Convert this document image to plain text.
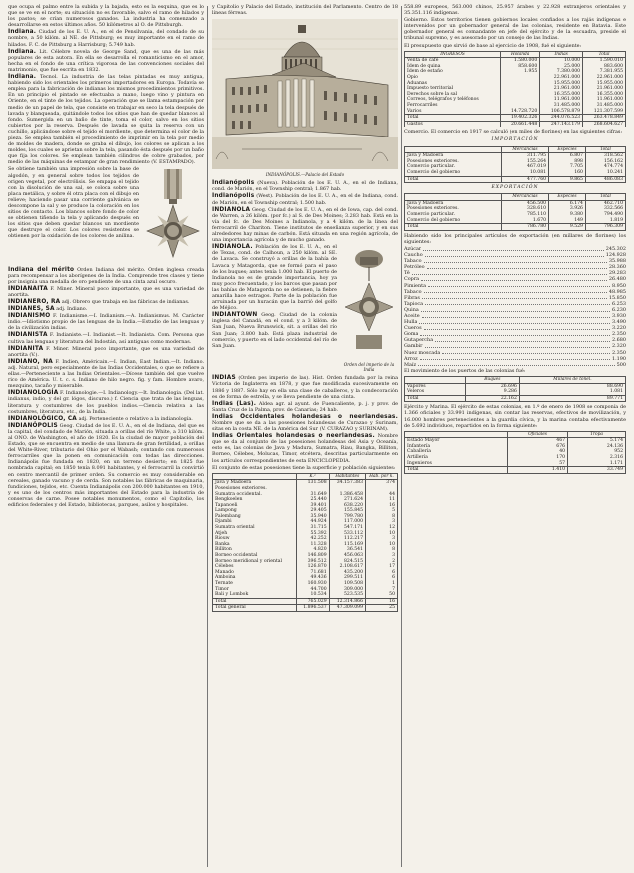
que ocupa el palmo entre la subida y la bajada, esto es la esquina, que es lo que se ve en el norte; su situación no es favorable, salvo el ramo de hilados y los pastos; se crían numerosos ganados. La industria ha comenzado a desarrollarse en estos últimos años. 50 kilómetros al O. de Pittsburgh.
Indiana. Ciudad de los E. U. A., en el de Pensilvania, del condado de su nombre, a 50 kilóm. al NE. de Pittsburg; es muy importante en el ramo de hilados. F. C. de Pittsburg a Harrisburg; 5.749 hab.
Indiana. Lit. Célebre novela de George Sand, que es una de las más populares de esta autora. En ella se desarrolla el romanticismo en el amor, hecha en el fondo de una crítica vigorosa de las convenciones sociales del matrimonio, que fue escrita en 1832.
Indiana. Tecnol. La industria de las telas pintadas es muy antigua, habiendo sido los orientales los primeros importadores en Europa. Todavía se emplea para la fabricación de indianas los mismos procedimientos primitivos. En un principio el pintado se efectuaba a mano, luego vino y pintura en Oriente, en el tinte de los tejidos. La operación que se llama estampación por medio de un papel de tela, que consiste en trabajar en seco la tela después de lavada y blanqueada, quitándole todos los sitios que han de quedar blancos al fondo. Sumergida en un baño de tinte, toma el color, salvo en los sitios cubiertos por la reserva. Después de lavada se quita la reserva con un cuchillo, aplicándose sobre el tejido el mordiente, que determina el color de la pieza. Se emplea también el procedimiento de imprimir en la tela por medio de moldes de madera, donde se graba el dibujo, los colores se aplican a los moldes, los cuales se aprietan sobre la tela, pasando ésta después por un baño que fija los colores. Se emplean también cilindros de cobre grabados, por medio de las máquinas de estampar de gran rendimiento (V. ESTAMPADO).
Se obtiene también una impresión sobre la base de algodón, y en general sobre todos los tejidos de origen vegetal, por electrólisis. Se empapa el tejido con la disolución de una sal, se coloca sobre una placa metálica, y sobre él otra placa con el dibujo en relieve; haciendo pasar una corriente galvánica se descompone la sal y se produce la coloración en los sitios de contacto. Los blancos sobre fondo de color se obtienen tiñendo la tela y aplicando después en los sitios que deben quedar blancos un mordiente que destruye el color. Los colores resistentes se obtienen por la oxidación de los colores de anilina.
Indiana del mérito Orden Indiana del mérito. Orden inglesa creada para recompensar a los aborígenes de la India. Comprende tres clases y tiene por insignia una medalla de oro pendiente de una cinta azul oscuro.
INDIANAITA F. Miner. Mineral poco importante, que es una variedad de anortita.
INDIANERO, RA adj. Obrero que trabaja en las fábricas de indianas.
INDIANES, SA adj. Indiano.
INDIANISMO F. Indianisme.—I. Indianism.—A. Indianismus. M. Carácter indio.—Idiotismo propio de las lenguas de la India.—Estudio de las lenguas y de la civilización indias.
INDIANISTA F. Indianiste.—I. Indianist.—It. Indianista. Com. Persona que cultiva las lenguas y literatura del Indostán, así antiguas como modernas.
INDIANITA F. Miner. Mineral poco importante, que es una variedad de anortita (V.).
INDIANO, NA F. Indien, Américain.—I. Indian, East Indian.—It. Indiano. adj. Natural, pero especialmente de las Indias Occidentales, o que se refiere a ellas.—Perteneciente a las Indias Orientales.—Dícese también del que vuelve rico de América. U. t. c. s. Indiano de hilo negro. fig. y fam. Hombre avaro, mezquino, tacaño y miserable.
INDIANOLOGÍA F. Indianologie.—I. Indianology.—It. Indianologia. (Del lat. indianus, indio, y del gr. lógos, discurso.) f. Ciencia que trata de las lenguas, literatura y costumbres de los pueblos indios.—Ciencia relativa a las costumbres, literatura, etc., de la India.
INDIANOLÓGICO, CA adj. Perteneciente o relativo a la indianología.
INDIANÓPOLIS Geog. Ciudad de los E. U. A., en el de Indiana, del que es la capital, del condado de Marión, situada a orillas del río White, a 310 kilóm. al ONO. de Washington, el año de 1820. Es la ciudad de mayor población del Estado, que se encuentra en medio de una llanura de gran fertilidad, a orillas del White-River, tributario del Ohio por el Wabash; contando con numerosos ferrocarriles que la ponen en comunicación con todas las direcciones. Indianápolis fue fundada en 1820, en un terreno desierto; en 1825 fue nombrada capital; en 1850 tenía 8.091 habitantes, y el ferrocarril la convirtió en centro mercantil de primer orden. Su comercio es muy considerable en cereales, ganado vacuno y de cerda. Son notables las fábricas de maquinaria, fundiciones, tejidos, etc. Cuenta Indianápolis con 200.000 habitantes en 1910, y es uno de los centros más importantes del Estado para la industria de conservas de carne. Posee notables monumentos, como el Capitolio, los edificios federales y del Estado, bibliotecas, parques, asilos y hospitales.
y Capitolio y Palacio del Estado, institución del Parlamento. Centro de 18 líneas férreas.
INDIANÓPOLIS.—Palacio del Estado
Indianópolis (Nueva). Población de los E. U. A., en el de Indiana, cond. de Marión, en el Township central; 1.867 hab.
Indianópolis (West). Población de los E. U. A., en el de Indiana, cond. de Marión, en el Township central; 1.500 hab.
INDIANOLA Geog. Ciudad de los E. U. A., en el de Iowa, cap. del cond. de Warren, a 26 kilóm. (por fc.) al S. de Des Moines; 3.283 hab. Está en la vía del fc. de Des Moines a Indianola, y a 4 kilóm. de la línea del ferrocarril de Chariton. Tiene institutos de enseñanza superior, y en sus alrededores hay minas de carbón. Está situada en una región agrícola, de una importancia agrícola y de mucho ganado.
INDIANOLA. Población de los E. U. A., en el de Texas, cond. de Calhoun, a 250 kilóm. al SE. de Lavaca. Se construyó a orillas de la bahía de Lavaca y Matagorda, que se formó para el paso de los buques; antes tenía 1.000 hab. El puerto de Indianola no es de grande importancia, hoy ya muy poco frecuentado, y los barcos que pasan por las bahías de Matagorda no se detienen, la fiebre amarilla hace estragos. Parte de la población fue arruinada por un huracán que la barrió del golfo de Méjico.
INDIANTOWN Geog. Ciudad de la colonia inglesa del Canadá, en el cond. y a 3 kilóm. de San Juan, Nueva Brunswick, sit. a orillas del río San Juan; 3.800 hab. Está plaza industrial de comercio, y puerto en el lado occidental del río de San Juan.
Orden del imperio de la India
INDIAS (Orden pes imperio de las). Hist. Orden fundada por la reina Victoria de Inglaterra en 1878, y que fue modificada sucesivamente en 1886 y 1887. Sólo hay en ella una clase de caballeros, y la condecoración es de forma de estrella, y se lleva pendiente de una cinta.
Indias (Las). Aldea agr. al ayunt. de Fuencaliente, p. j. y prov. de Santa Cruz de la Palma, prov. de Canarias; 24 hab.
Indias Occidentales holandesas o neerlandesas. Nombre que se da a las posesiones holandesas de Curazao y Surinam, sitas en la costa NE. de la América del Sur (V. CURAZAO y SURINAM).
Indias Orientales holandesas o neerlandesas. Nombre que se da al conjunto de las posesiones holandesas del Asia y Oceanía, esto es, las colonias de Java y Madura, Sumatra, Riau, Bangka, Billiton, Borneo, Célebes, Molucas, Timor, etcétera, descritas particularmente en los artículos correspondientes de esta ENCICLOPEDIA.
El conjunto de estas posesiones tiene la superficie y población siguientes:
	K.²	Habitantes	Hab. por k.
Java y Madoera	131.508	34.157.383	374
Posesiones exteriores.			
Sumatra occidental.	31.649	1.386.458	44
Bengkoelen	25.440	271.624	11
Tapanoeli	39.401	638.220	16
Lampong	29.405	155.845	5
Palembang	35.940	799.780	8
Djambi	44.924	117.000	3
Sumatra oriental	31.715	547.171	12
Atjeh	55.392	533.112	10
Riouw	42.252	112.217	3
Banka	11.328	115.169	10
Billiton	4.820	36.541	8
Borneo occidental	146.809	456.063	3
Borneo meridional y oriental	396.512	824.515	2
Célebes	126.870	2.108.617	17
Manado	71.681	435.200	6
Amboina	49.436	299.511	6
Ternate	160.930	109.508	1
Timor	44.700	309.000	7
Bali y Lombok	10.534	523.535	50
Total	765.029	12.314.866	16
Total general	1.896.537	47.309.099	25
558.89 europeos, 563.000 chinos, 25.957 árabes y 22.928 extranjeros orientales y 35.351.116 indígenas.
Gobierno. Estos territorios tienen gobiernos locales confiados a los rajás indígenas e intervenidos por un gobernador general de las colonias, residente en Batavia. Este gobernador general es comandante en jefe del ejército y de la escuadra, preside el tribunal supremo, y es asesorado por un consejo de las Indias.
El presupuesto que sirvió de base al ejercicio de 1908, fué el siguiente:
INGRESOS	Holanda	Indias	Total
Venta de café	1.580.000	10.000	1.590.010
Ídem de quina	858.600	25.000	883.600
Ídem de estaño	1.955	7.380.000	7.381.955
Opio		22.961.000	22.961.000
Aduanas		15.955.000	15.955.000
Impuesto territorial		21.961.000	21.961.000
Derechos sobre la sal		16.355.000	16.355.000
Correos, telégrafos y teléfonos		11.961.000	11.961.000
Ferrocarriles		31.485.000	31.485.000
Varios	14.728.720	106.578.879	121.307.599
Total	19.402.326	244.076.523	263.478.849
Gastos	20.661.448	247.143.179	268.604.627
Comercio. El comercio en 1917 se calculó (en miles de florines) en las siguientes cifras:
IMPORTACIÓN
	Mercancías	Especies	Total
Java y Madoera	311.795	6.807	318.562
Posesiones exteriores.	155.264	898	156.162
Comercio particular.	467.019	7.705	474.774
Comercio del gobierno	10.081	160	10.241
Total	477.760	9.865	486.083
EXPORTACIÓN
	Mercancías	Especies	Total
Java y Madoera	456.500	6.174	462.710
Posesiones exteriores.	328.610	3.926	332.566
Comercio particular.	785.110	9.380	794.490
Comercio del gobierno	1.670	149	1.819
Total	786.780	9.529	796.309
Habiendo sido los principales artículos de exportación (en millares de florines) los siguientes:
Azúcar	245.302
Caucho	124.928
Tabaco	35.988
Petróleo	28.360
Té	29.283
Copra	26.480
Pimienta	8.950
Tabaco	48.985
Fibras	15.850
Tapioca	6.253
Quina	6.230
Aceite	3.930
Hulla	3.490
Cueros	3.220
Goma	2.350
Gutapercha	2.680
Gambir	2.320
Nuez moscada	2.350
Arroz	1.190
Maíz	500
El movimiento de los puertos de las colonias fué:
	Buques	Millares de tonel.
Vapores	26.696	88.690
Veleros	9.286	1.081
Total	22.162	89.771
Ejército y Marina. El ejército de estas colonias, en 1.º de enero de 1908 se componía de 1.366 oficiales y 33.991 indígenas, sin contar las reservas, efectivos de movilización, y 16.000 hombres pertenecientes a la guardia cívica, y la marina contaba efectivamente de 5.692 individuos, repartidos en la forma siguiente:
	Oficiales	Tropa
Estado Mayor	467	5.174
Infantería	676	24.136
Caballería	40	952
Artillería	170	2.316
Ingenieros	57	1.171
Total	1.410	33.749
